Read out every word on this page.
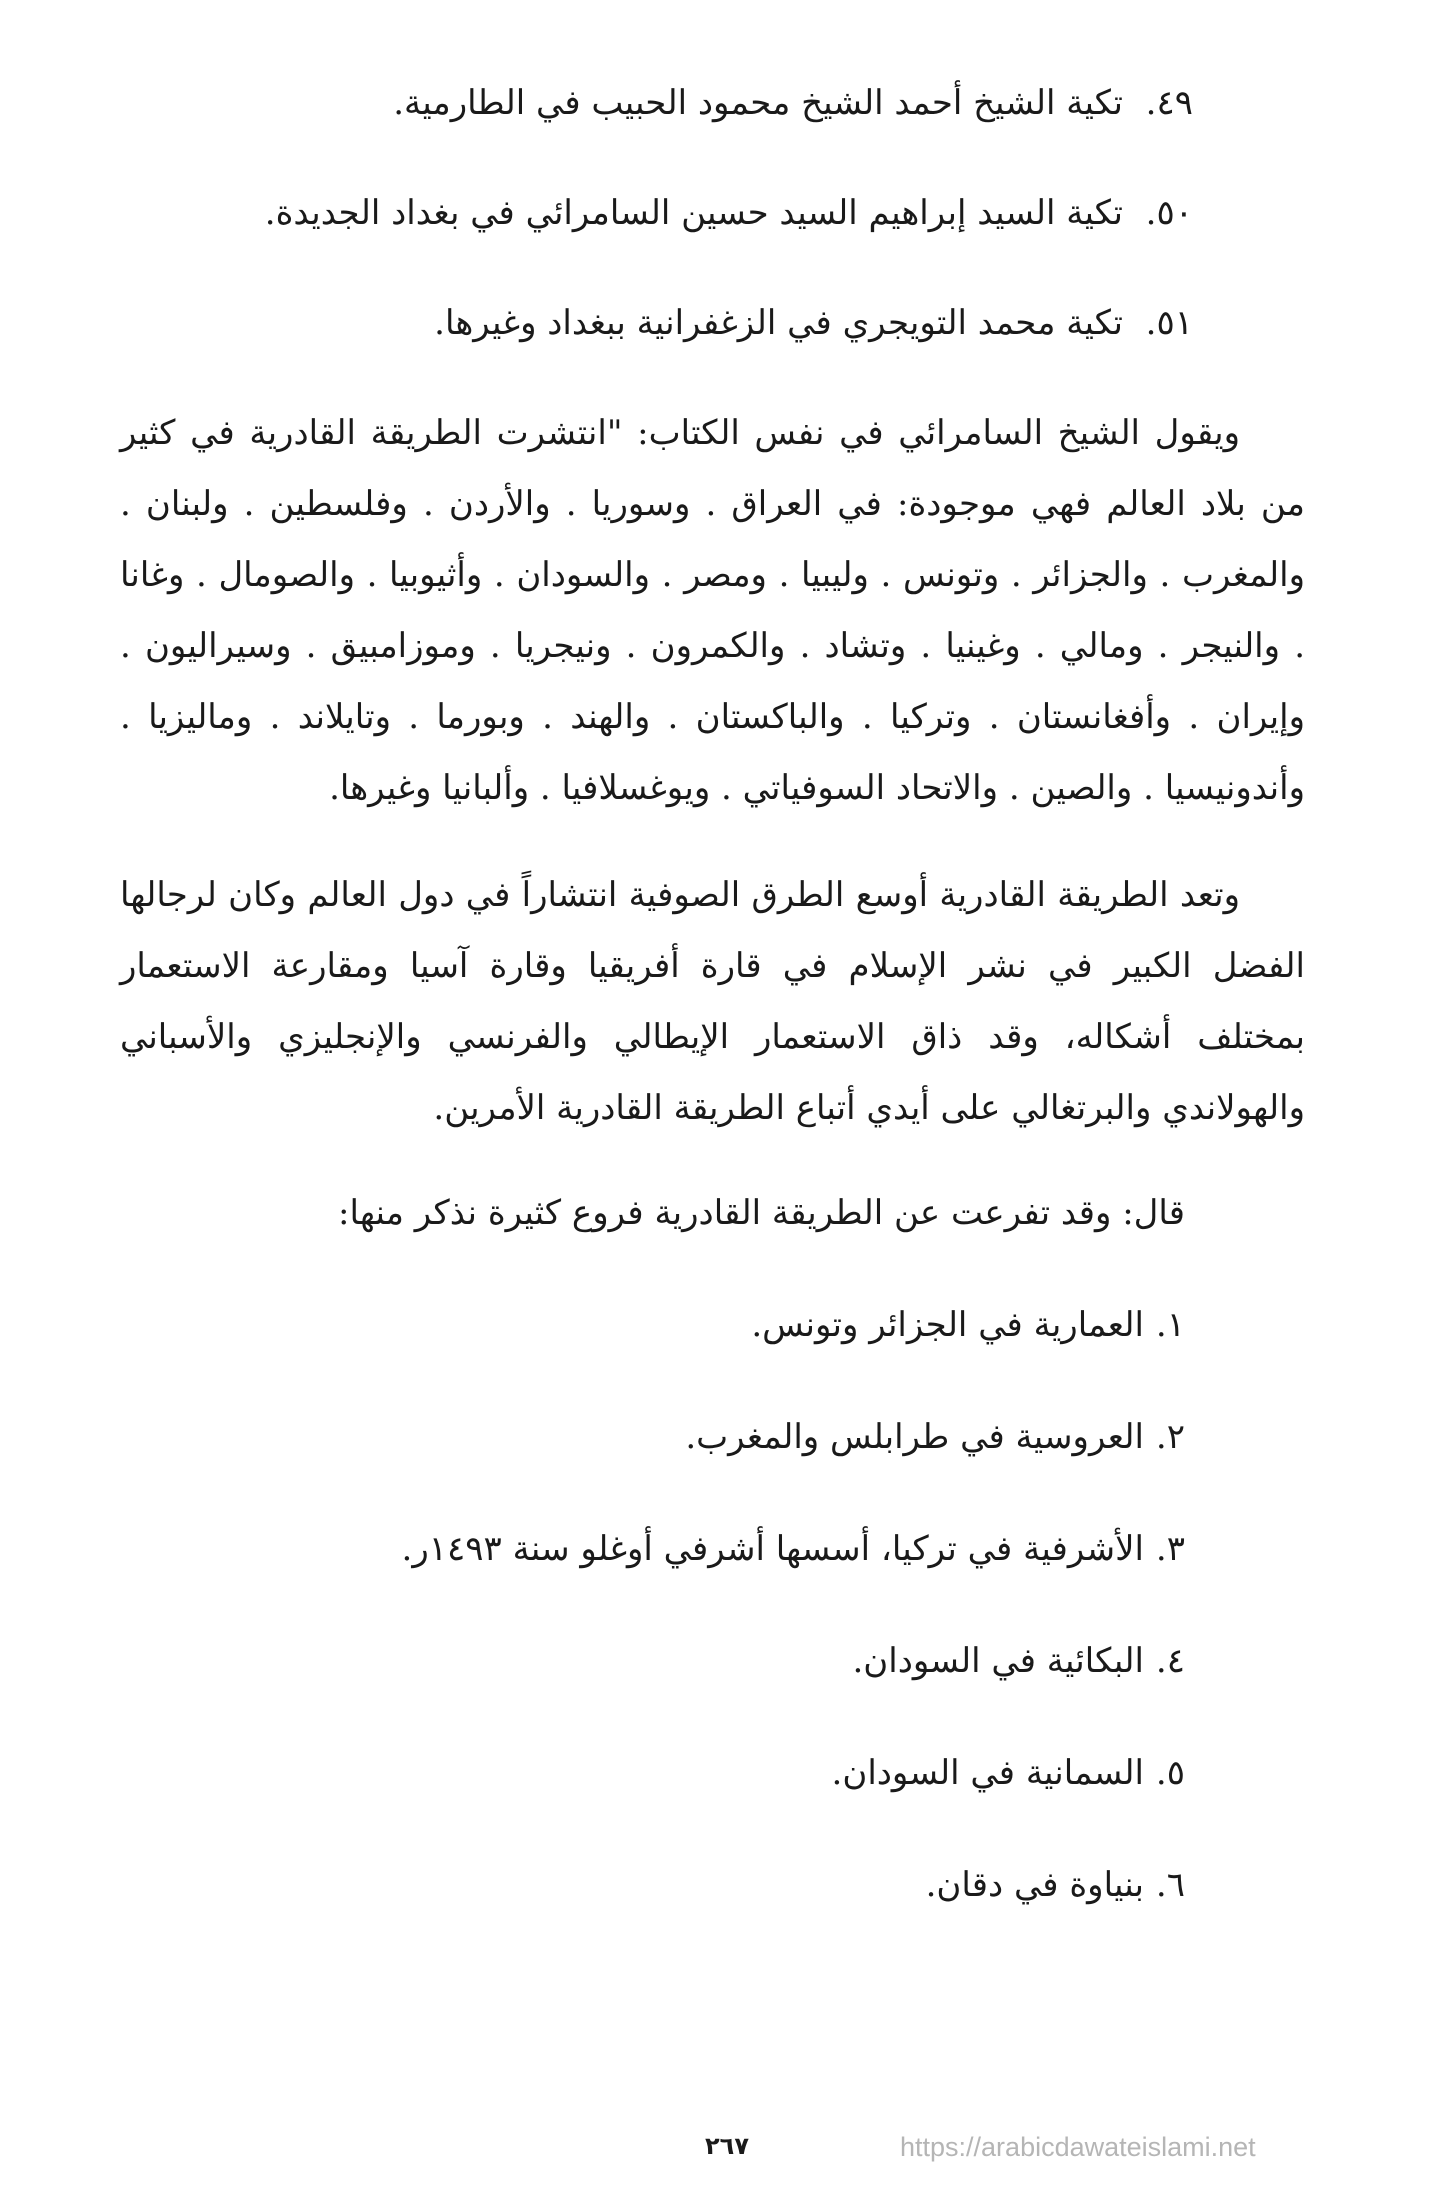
٤٩.تكية الشيخ أحمد الشيخ محمود الحبيب في الطارمية.
٥٠.تكية السيد إبراهيم السيد حسين السامرائي في بغداد الجديدة.
٥١.تكية محمد التويجري في الزغفرانية ببغداد وغيرها.

ويقول الشيخ السامرائي في نفس الكتاب: "انتشرت الطريقة القادرية في كثير من بلاد العالم فهي موجودة: في العراق . وسوريا . والأردن . وفلسطين . ولبنان . والمغرب . والجزائر . وتونس . وليبيا . ومصر . والسودان . وأثيوبيا . والصومال . وغانا . والنيجر . ومالي . وغينيا . وتشاد . والكمرون . ونيجريا . وموزامبيق . وسيراليون . وإيران . وأفغانستان . وتركيا . والباكستان . والهند . وبورما . وتايلاند . وماليزيا . وأندونيسيا . والصين . والاتحاد السوفياتي . ويوغسلافيا . وألبانيا وغيرها.

وتعد الطريقة القادرية أوسع الطرق الصوفية انتشاراً في دول العالم وكان لرجالها الفضل الكبير في نشر الإسلام في قارة أفريقيا وقارة آسيا ومقارعة الاستعمار بمختلف أشكاله، وقد ذاق الاستعمار الإيطالي والفرنسي والإنجليزي والأسباني والهولاندي والبرتغالي على أيدي أتباع الطريقة القادرية الأمرين.

قال: وقد تفرعت عن الطريقة القادرية فروع كثيرة نذكر منها:
١.العمارية في الجزائر وتونس.
٢.العروسية في طرابلس والمغرب.
٣.الأشرفية في تركيا، أسسها أشرفي أوغلو سنة ١٤٩٣ر.
٤.البكائية في السودان.
٥.السمانية في السودان.
٦.بنياوة في دقان.
٢٦٧	https://arabicdawateislami.net
